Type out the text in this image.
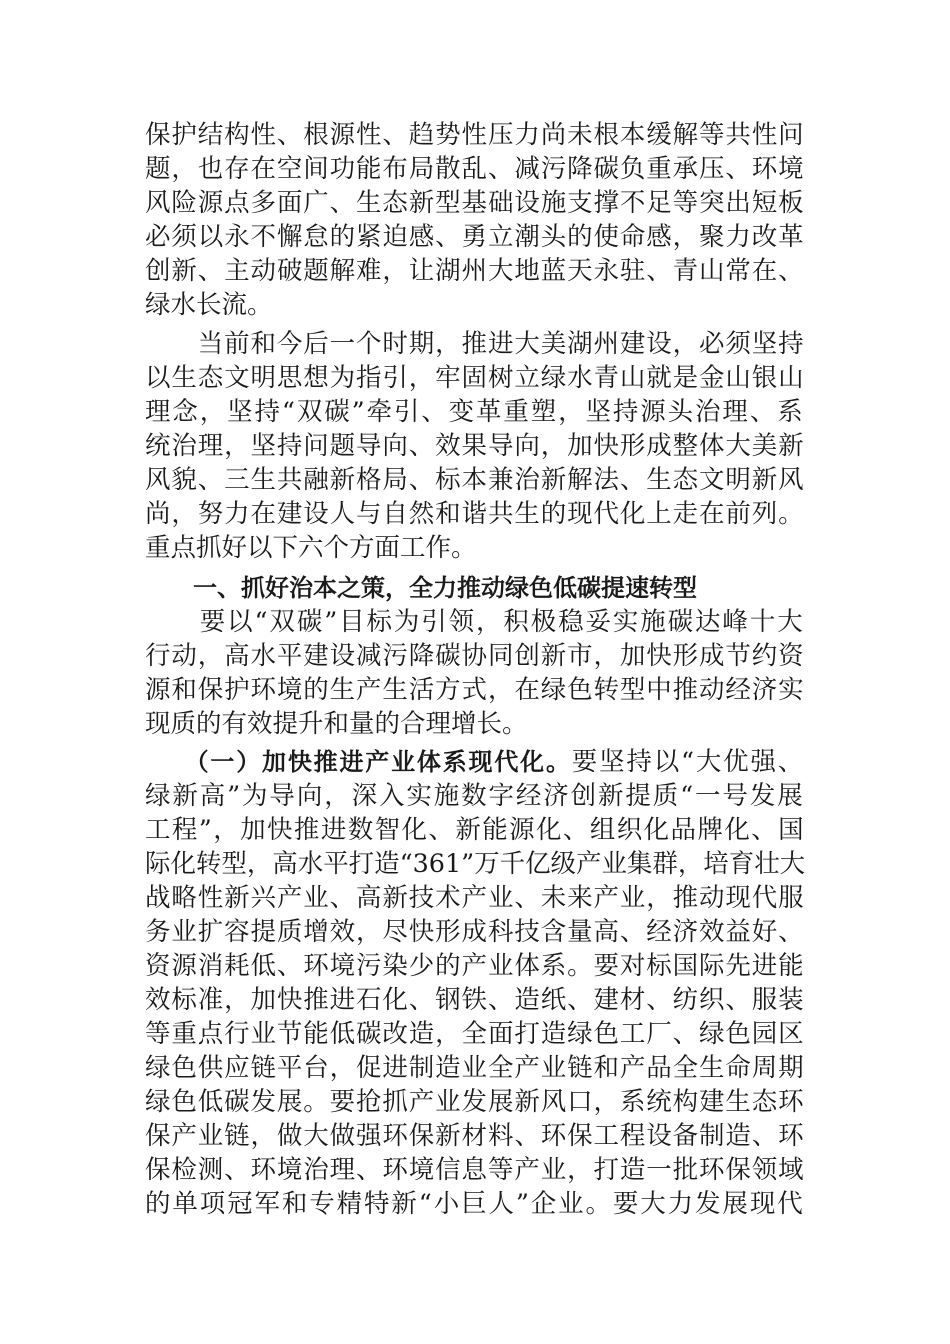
保护结构性、根源性、趋势性压力尚未根本缓解等共性问
题，也存在空间功能布局散乱、减污降碳负重承压、环境
风险源点多面广、生态新型基础设施支撑不足等突出短板
必须以永不懈怠的紧迫感、勇立潮头的使命感，聚力改革
创新、主动破题解难，让湖州大地蓝天永驻、青山常在、
绿水长流。
　　当前和今后一个时期，推进大美湖州建设，必须坚持
以生态文明思想为指引，牢固树立绿水青山就是金山银山
理念，坚持“双碳”牵引、变革重塑，坚持源头治理、系
统治理，坚持问题导向、效果导向，加快形成整体大美新
风貌、三生共融新格局、标本兼治新解法、生态文明新风
尚，努力在建设人与自然和谐共生的现代化上走在前列。
重点抓好以下六个方面工作。
　　一、抓好治本之策，全力推动绿色低碳提速转型
　　要以“双碳”目标为引领，积极稳妥实施碳达峰十大
行动，高水平建设减污降碳协同创新市，加快形成节约资
源和保护环境的生产生活方式，在绿色转型中推动经济实
现质的有效提升和量的合理增长。
　　（一）加快推进产业体系现代化。要坚持以“大优强、
绿新高”为导向，深入实施数字经济创新提质“一号发展
工程”，加快推进数智化、新能源化、组织化品牌化、国
际化转型，高水平打造“361”万千亿级产业集群，培育壮大
战略性新兴产业、高新技术产业、未来产业，推动现代服
务业扩容提质增效，尽快形成科技含量高、经济效益好、
资源消耗低、环境污染少的产业体系。要对标国际先进能
效标准，加快推进石化、钢铁、造纸、建材、纺织、服装
等重点行业节能低碳改造，全面打造绿色工厂、绿色园区
绿色供应链平台，促进制造业全产业链和产品全生命周期
绿色低碳发展。要抢抓产业发展新风口，系统构建生态环
保产业链，做大做强环保新材料、环保工程设备制造、环
保检测、环境治理、环境信息等产业，打造一批环保领域
的单项冠军和专精特新“小巨人”企业。要大力发展现代
